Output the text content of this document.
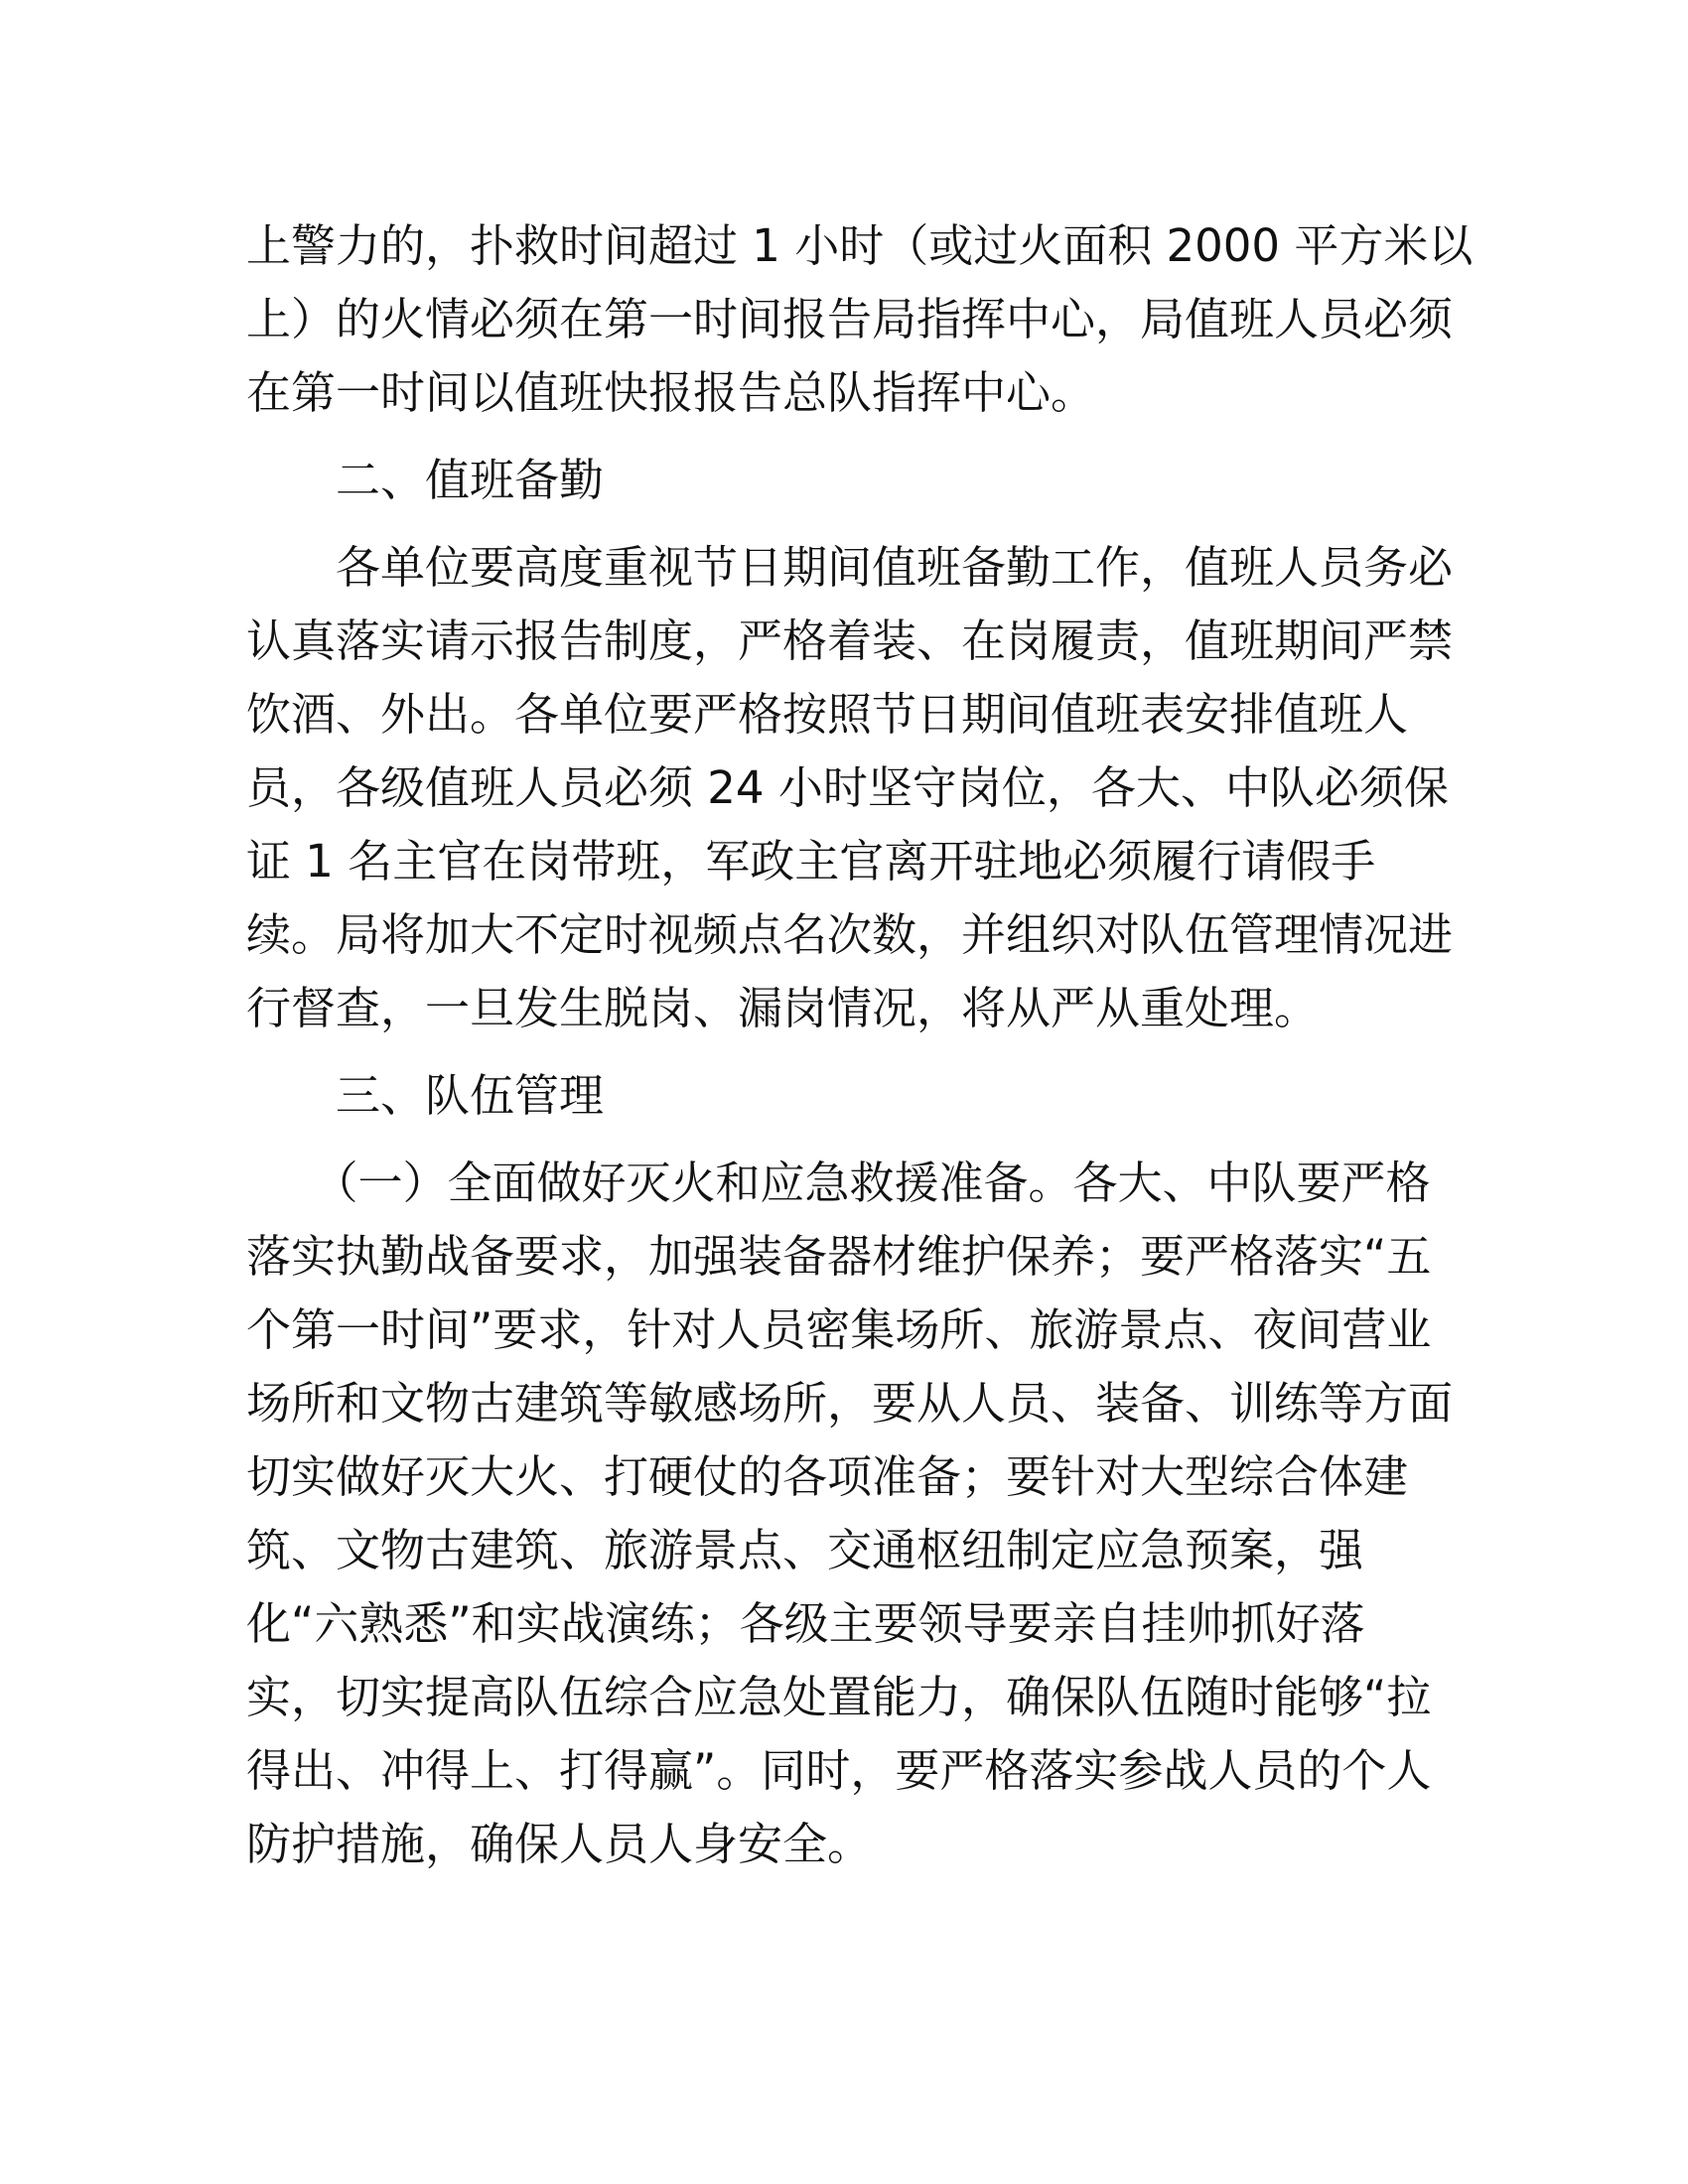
上警力的，扑救时间超过 1 小时（或过火面积 2000 平方米以
上）的火情必须在第一时间报告局指挥中心，局值班人员必须
在第一时间以值班快报报告总队指挥中心。
　　二、值班备勤
　　各单位要高度重视节日期间值班备勤工作，值班人员务必
认真落实请示报告制度，严格着装、在岗履责，值班期间严禁
饮酒、外出。各单位要严格按照节日期间值班表安排值班人
员，各级值班人员必须 24 小时坚守岗位，各大、中队必须保
证 1 名主官在岗带班，军政主官离开驻地必须履行请假手
续。局将加大不定时视频点名次数，并组织对队伍管理情况进
行督查，一旦发生脱岗、漏岗情况，将从严从重处理。
　　三、队伍管理
　　（一）全面做好灭火和应急救援准备。各大、中队要严格
落实执勤战备要求，加强装备器材维护保养；要严格落实“五
个第一时间”要求，针对人员密集场所、旅游景点、夜间营业
场所和文物古建筑等敏感场所，要从人员、装备、训练等方面
切实做好灭大火、打硬仗的各项准备；要针对大型综合体建
筑、文物古建筑、旅游景点、交通枢纽制定应急预案，强
化“六熟悉”和实战演练；各级主要领导要亲自挂帅抓好落
实，切实提高队伍综合应急处置能力，确保队伍随时能够“拉
得出、冲得上、打得赢”。同时，要严格落实参战人员的个人
防护措施，确保人员人身安全。
